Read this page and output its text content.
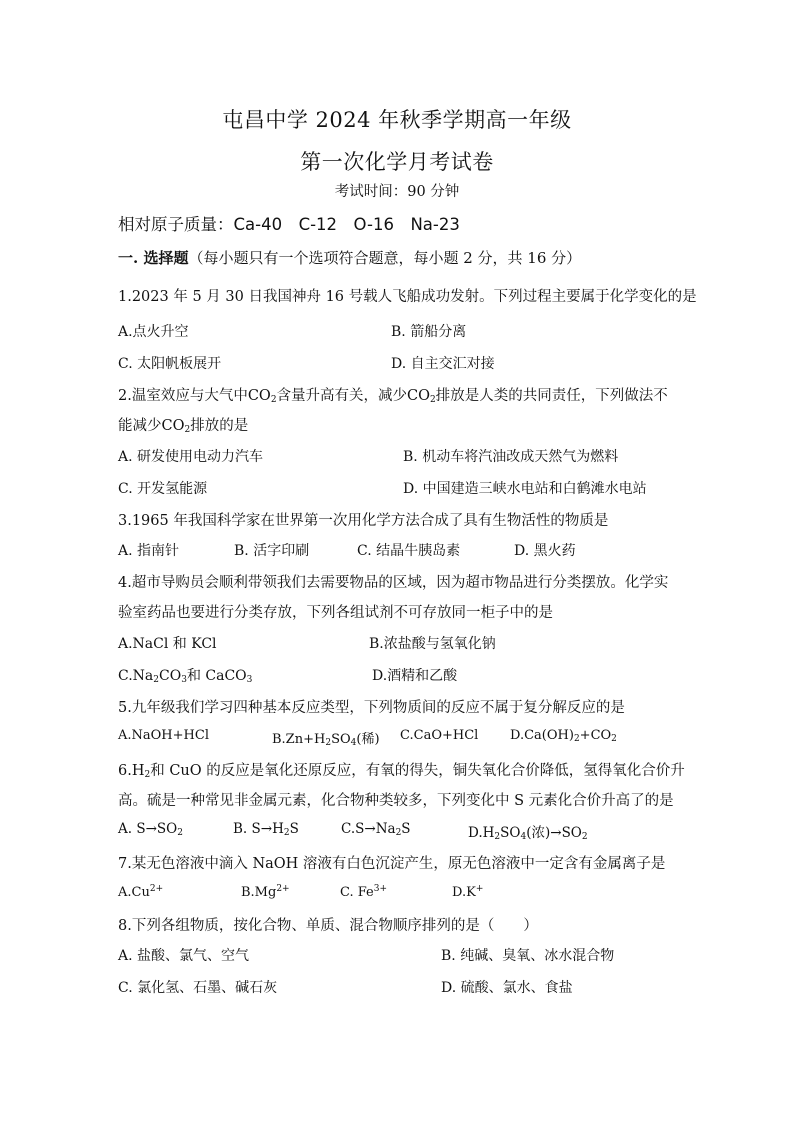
屯昌中学 2024 年秋季学期高一年级
第一次化学月考试卷
考试时间：90 分钟
相对原子质量：Ca-40　C-12　O-16　Na-23
一. 选择题（每小题只有一个选项符合题意，每小题 2 分，共 16 分）
1.2023 年 5 月 30 日我国神舟 16 号载人飞船成功发射。下列过程主要属于化学变化的是
A.点火升空	B. 箭船分离
C. 太阳帆板展开	D. 自主交汇对接
2.温室效应与大气中$CO_2$含量升高有关，减少$CO_2$排放是人类的共同责任，下列做法不
能减少$CO_2$排放的是
A. 研发使用电动力汽车	B. 机动车将汽油改成天然气为燃料
C. 开发氢能源	D. 中国建造三峡水电站和白鹤滩水电站
3.1965 年我国科学家在世界第一次用化学方法合成了具有生物活性的物质是
A. 指南针	B. 活字印刷	C. 结晶牛胰岛素	D. 黑火药
4.超市导购员会顺利带领我们去需要物品的区域，因为超市物品进行分类摆放。化学实
验室药品也要进行分类存放，下列各组试剂不可存放同一柜子中的是
A.NaCl 和 KCl	B.浓盐酸与氢氧化钠
$C.Na_2CO_3$和 CaCO$_3$	D.酒精和乙酸
5.九年级我们学习四种基本反应类型，下列物质间的反应不属于复分解反应的是
A.NaOH+HCl	$B.Zn+H_2SO_4$(稀) C.CaO+HCl $D.Ca(OH)_2+CO_2$
$6.H_2$和 CuO 的反应是氧化还原反应，有氧的得失，铜失氧化合价降低，氢得氧化合价升
高。硫是一种常见非金属元素，化合物种类较多，下列变化中 S 元素化合价升高了的是
A. $S\to SO_2$	B. $S\to H_2S$	$C.S\to Na_2S$	$D.H_2SO_4$(浓)$\to SO_2$
7.某无色溶液中滴入 NaOH 溶液有白色沉淀产生，原无色溶液中一定含有金属离子是
$A.Cu^{2+}$	$B.Mg^{2+}$	C. $Fe^{3+}$	D.K+
8.下列各组物质，按化合物、单质、混合物顺序排列的是（　　）
A. 盐酸、氯气、空气	B. 纯碱、臭氧、冰水混合物
C. 氯化氢、石墨、碱石灰	D. 硫酸、氯水、食盐
